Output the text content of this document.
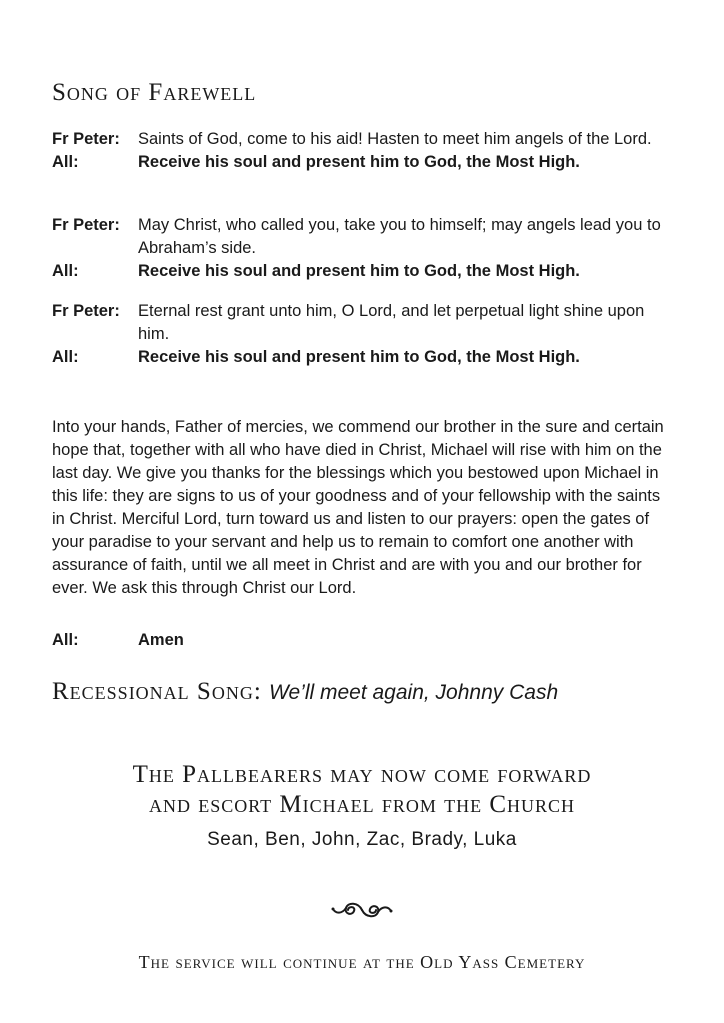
Song of Farewell
Fr Peter:	Saints of God, come to his aid! Hasten to meet him angels of the Lord.
All:	Receive his soul and present him to God, the Most High.
Fr Peter:	May Christ, who called you, take you to himself; may angels lead you to Abraham’s side.
All:	Receive his soul and present him to God, the Most High.
Fr Peter:	Eternal rest grant unto him, O Lord, and let perpetual light shine upon him.
All:	Receive his soul and present him to God, the Most High.

Into your hands, Father of mercies, we commend our brother in the sure and certain hope that, together with all who have died in Christ, Michael will rise with him on the last day. We give you thanks for the blessings which you bestowed upon Michael in this life: they are signs to us of your goodness and of your fellowship with the saints in Christ. Merciful Lord, turn toward us and listen to our prayers: open the gates of your paradise to your servant and help us to remain to comfort one another with assurance of faith, until we all meet in Christ and are with you and our brother for ever. We ask this through Christ our Lord.

All:	Amen
Recessional Song: We’ll meet again, Johnny Cash
The Pallbearers may now come forward
and escort Michael from the Church
Sean, Ben, John, Zac, Brady, Luka
The service will continue at the Old Yass Cemetery
